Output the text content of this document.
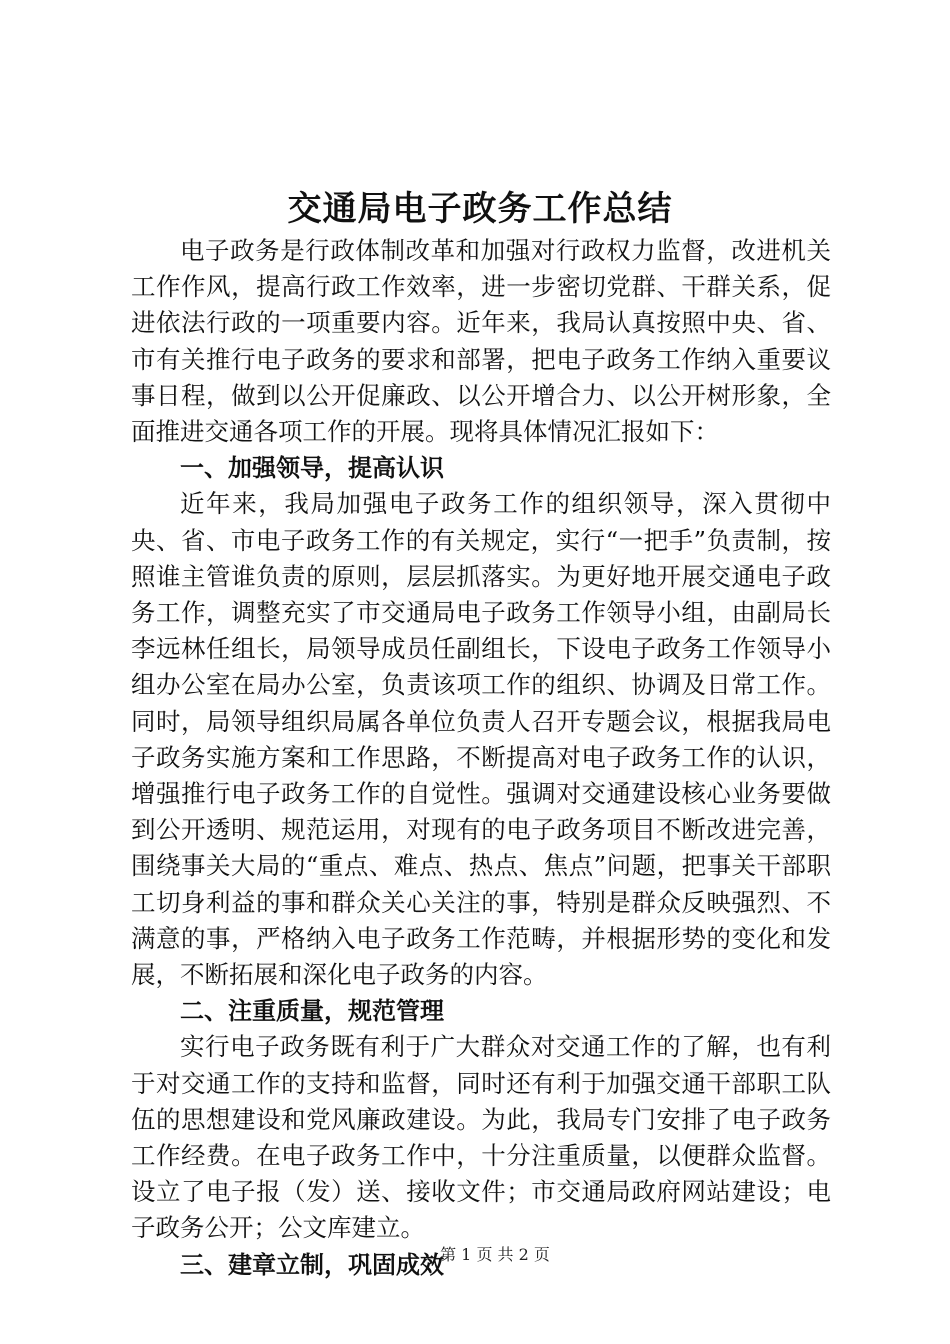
交通局电子政务工作总结

电子政务是行政体制改革和加强对行政权力监督，改进机关工作作风，提高行政工作效率，进一步密切党群、干群关系，促进依法行政的一项重要内容。近年来，我局认真按照中央、省、市有关推行电子政务的要求和部署，把电子政务工作纳入重要议事日程，做到以公开促廉政、以公开增合力、以公开树形象，全面推进交通各项工作的开展。现将具体情况汇报如下：

一、加强领导，提高认识

近年来，我局加强电子政务工作的组织领导，深入贯彻中央、省、市电子政务工作的有关规定，实行“一把手”负责制，按照谁主管谁负责的原则，层层抓落实。为更好地开展交通电子政务工作，调整充实了市交通局电子政务工作领导小组，由副局长李远林任组长，局领导成员任副组长，下设电子政务工作领导小组办公室在局办公室，负责该项工作的组织、协调及日常工作。同时，局领导组织局属各单位负责人召开专题会议，根据我局电子政务实施方案和工作思路，不断提高对电子政务工作的认识，增强推行电子政务工作的自觉性。强调对交通建设核心业务要做到公开透明、规范运用，对现有的电子政务项目不断改进完善，围绕事关大局的“重点、难点、热点、焦点”问题，把事关干部职工切身利益的事和群众关心关注的事，特别是群众反映强烈、不满意的事，严格纳入电子政务工作范畴，并根据形势的变化和发展，不断拓展和深化电子政务的内容。

二、注重质量，规范管理

实行电子政务既有利于广大群众对交通工作的了解，也有利于对交通工作的支持和监督，同时还有利于加强交通干部职工队伍的思想建设和党风廉政建设。为此，我局专门安排了电子政务工作经费。在电子政务工作中，十分注重质量，以便群众监督。设立了电子报（发）送、接收文件；市交通局政府网站建设；电子政务公开；公文库建立。

三、建章立制，巩固成效

第 1 页 共 2 页
